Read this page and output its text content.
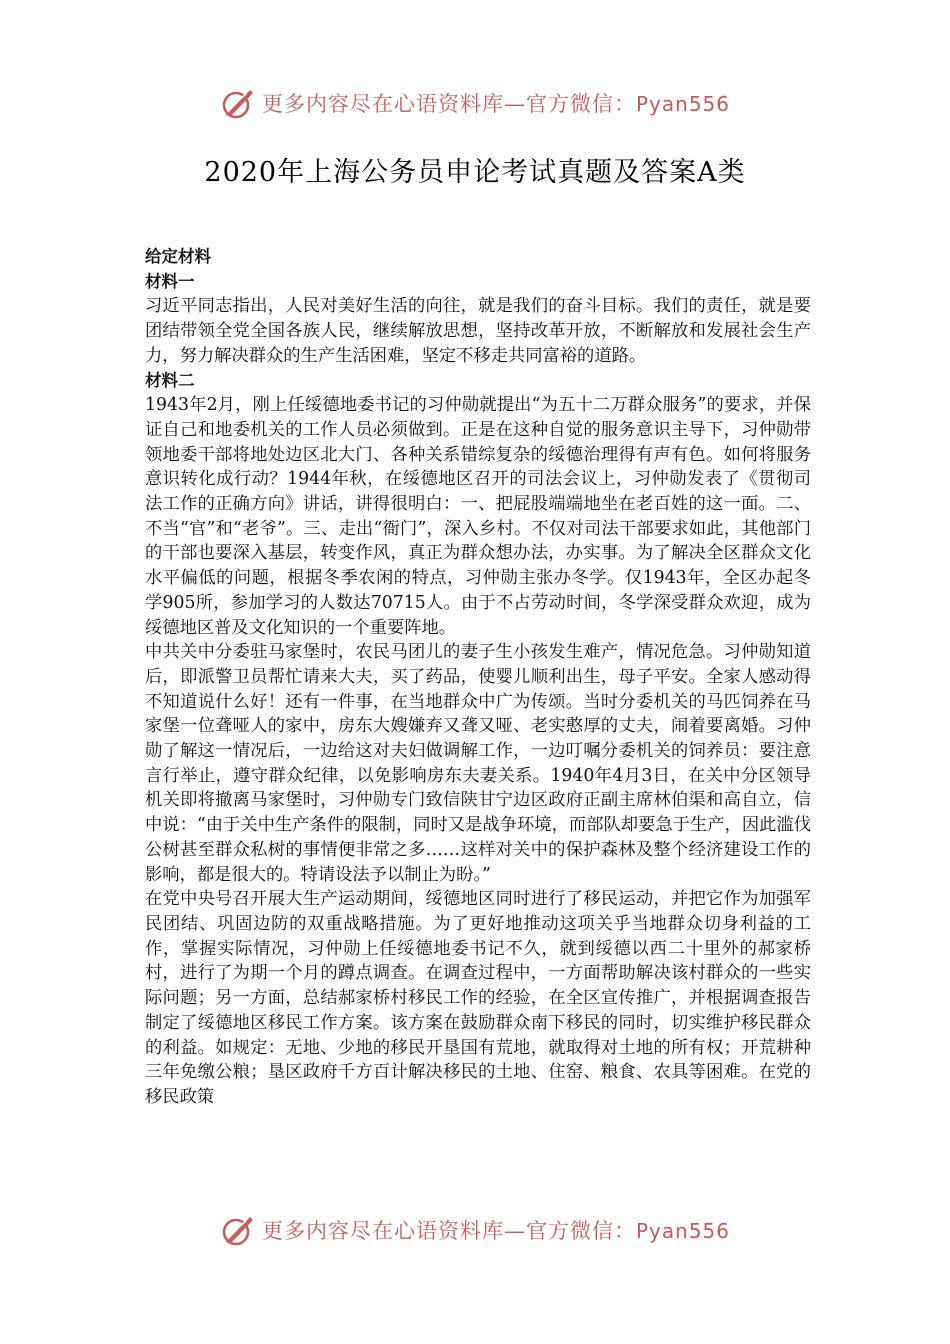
更多内容尽在心语资料库—官方微信：Pyan556
2020年上海公务员申论考试真题及答案A类

给定材料

材料一

习近平同志指出，人民对美好生活的向往，就是我们的奋斗目标。我们的责任，就是要团结带领全党全国各族人民，继续解放思想，坚持改革开放，不断解放和发展社会生产力，努力解决群众的生产生活困难，坚定不移走共同富裕的道路。

材料二

1943年2月，刚上任绥德地委书记的习仲勋就提出“为五十二万群众服务”的要求，并保证自己和地委机关的工作人员必须做到。正是在这种自觉的服务意识主导下，习仲勋带领地委干部将地处边区北大门、各种关系错综复杂的绥德治理得有声有色。如何将服务意识转化成行动？1944年秋，在绥德地区召开的司法会议上，习仲勋发表了《贯彻司法工作的正确方向》讲话，讲得很明白：一、把屁股端端地坐在老百姓的这一面。二、不当“官”和“老爷”。三、走出“衙门”，深入乡村。不仅对司法干部要求如此，其他部门的干部也要深入基层，转变作风，真正为群众想办法，办实事。为了解决全区群众文化水平偏低的问题，根据冬季农闲的特点，习仲勋主张办冬学。仅1943年，全区办起冬学905所，参加学习的人数达70715人。由于不占劳动时间，冬学深受群众欢迎，成为绥德地区普及文化知识的一个重要阵地。

中共关中分委驻马家堡时，农民马团儿的妻子生小孩发生难产，情况危急。习仲勋知道后，即派警卫员帮忙请来大夫，买了药品，使婴儿顺利出生，母子平安。全家人感动得不知道说什么好！还有一件事，在当地群众中广为传颂。当时分委机关的马匹饲养在马家堡一位聋哑人的家中，房东大嫂嫌弃又聋又哑、老实憨厚的丈夫，闹着要离婚。习仲勋了解这一情况后，一边给这对夫妇做调解工作，一边叮嘱分委机关的饲养员：要注意言行举止，遵守群众纪律，以免影响房东夫妻关系。1940年4月3日，在关中分区领导机关即将撤离马家堡时，习仲勋专门致信陕甘宁边区政府正副主席林伯渠和高自立，信中说：“由于关中生产条件的限制，同时又是战争环境，而部队却要急于生产，因此滥伐公树甚至群众私树的事情便非常之多……这样对关中的保护森林及整个经济建设工作的影响，都是很大的。特请设法予以制止为盼。”

在党中央号召开展大生产运动期间，绥德地区同时进行了移民运动，并把它作为加强军民团结、巩固边防的双重战略措施。为了更好地推动这项关乎当地群众切身利益的工作，掌握实际情况，习仲勋上任绥德地委书记不久，就到绥德以西二十里外的郝家桥村，进行了为期一个月的蹲点调查。在调查过程中，一方面帮助解决该村群众的一些实际问题；另一方面，总结郝家桥村移民工作的经验，在全区宣传推广，并根据调查报告制定了绥德地区移民工作方案。该方案在鼓励群众南下移民的同时，切实维护移民群众的利益。如规定：无地、少地的移民开垦国有荒地，就取得对土地的所有权；开荒耕种三年免缴公粮；垦区政府千方百计解决移民的土地、住窑、粮食、农具等困难。在党的移民政策

更多内容尽在心语资料库—官方微信：Pyan556
